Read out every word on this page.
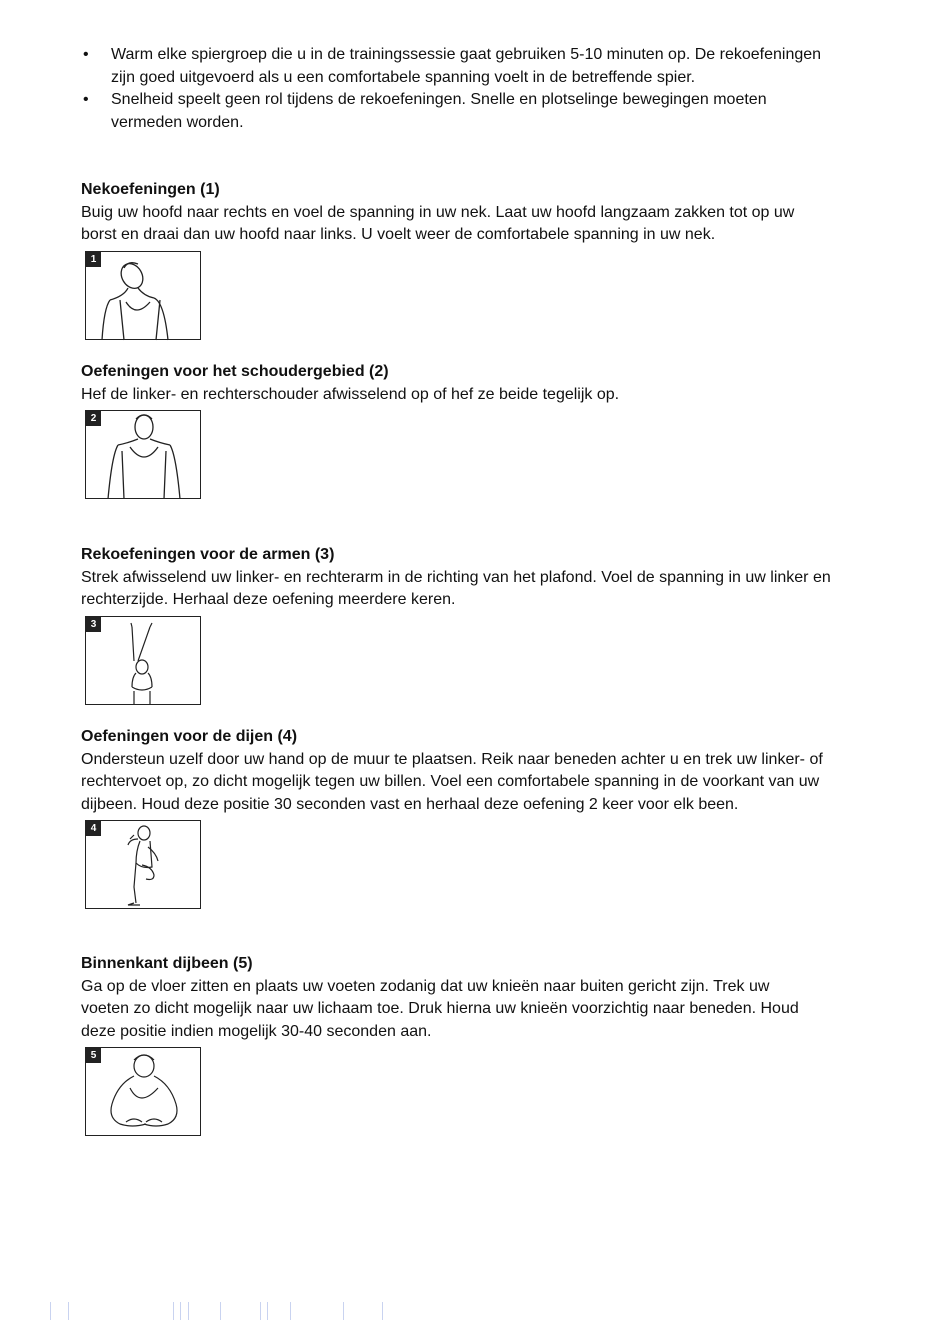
• Warm elke spiergroep die u in de trainingssessie gaat gebruiken 5-10 minuten op. De rekoefeningen zijn goed uitgevoerd als u een comfortabele spanning voelt in de betreffende spier.
• Snelheid speelt geen rol tijdens de rekoefeningen. Snelle en plotselinge bewegingen moeten vermeden worden.
Nekoefeningen (1)

Buig uw hoofd naar rechts en voel de spanning in uw nek. Laat uw hoofd langzaam zakken tot op uw borst en draai dan uw hoofd naar links. U voelt weer de comfortabele spanning in uw nek.

1
Oefeningen voor het schoudergebied (2)

Hef de linker- en rechterschouder afwisselend op of hef ze beide tegelijk op.

2
Rekoefeningen voor de armen (3)

Strek afwisselend uw linker- en rechterarm in de richting van het plafond. Voel de spanning in uw linker en rechterzijde. Herhaal deze oefening meerdere keren.

3
Oefeningen voor de dijen (4)

Ondersteun uzelf door uw hand op de muur te plaatsen. Reik naar beneden achter u en trek uw linker- of rechtervoet op, zo dicht mogelijk tegen uw billen. Voel een comfortabele spanning in de voorkant van uw dijbeen. Houd deze positie 30 seconden vast en herhaal deze oefening 2 keer voor elk been.

4
Binnenkant dijbeen (5)

Ga op de vloer zitten en plaats uw voeten zodanig dat uw knieën naar buiten gericht zijn. Trek uw voeten zo dicht mogelijk naar uw lichaam toe. Druk hierna uw knieën voorzichtig naar beneden. Houd deze positie indien mogelijk 30-40 seconden aan.

5
